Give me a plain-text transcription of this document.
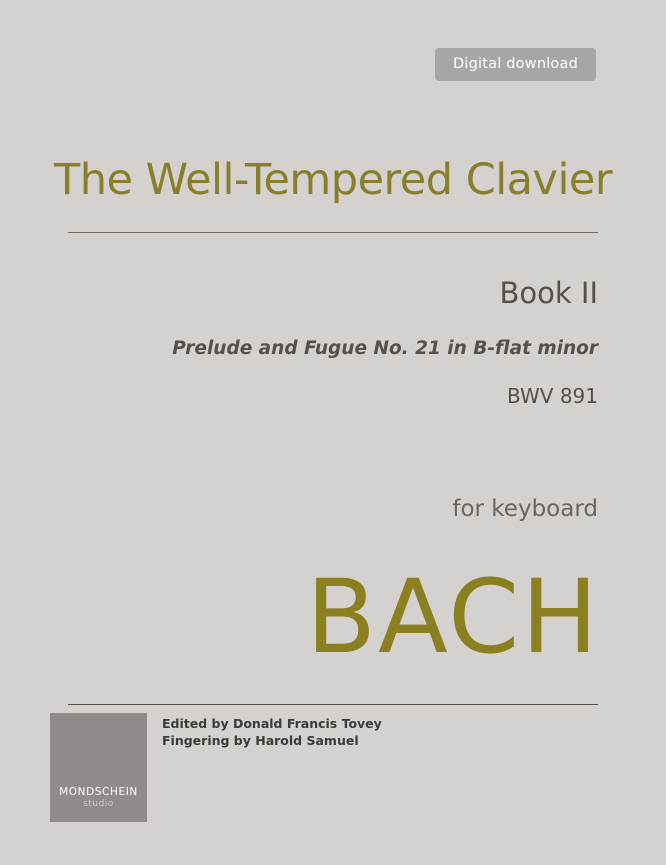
Digital download
The Well-Tempered Clavier
Book II
Prelude and Fugue No. 21 in B-flat minor
BWV 891
for keyboard
BACH
Edited by Donald Francis Tovey
Fingering by Harold Samuel
MONDSCHEIN
studio
